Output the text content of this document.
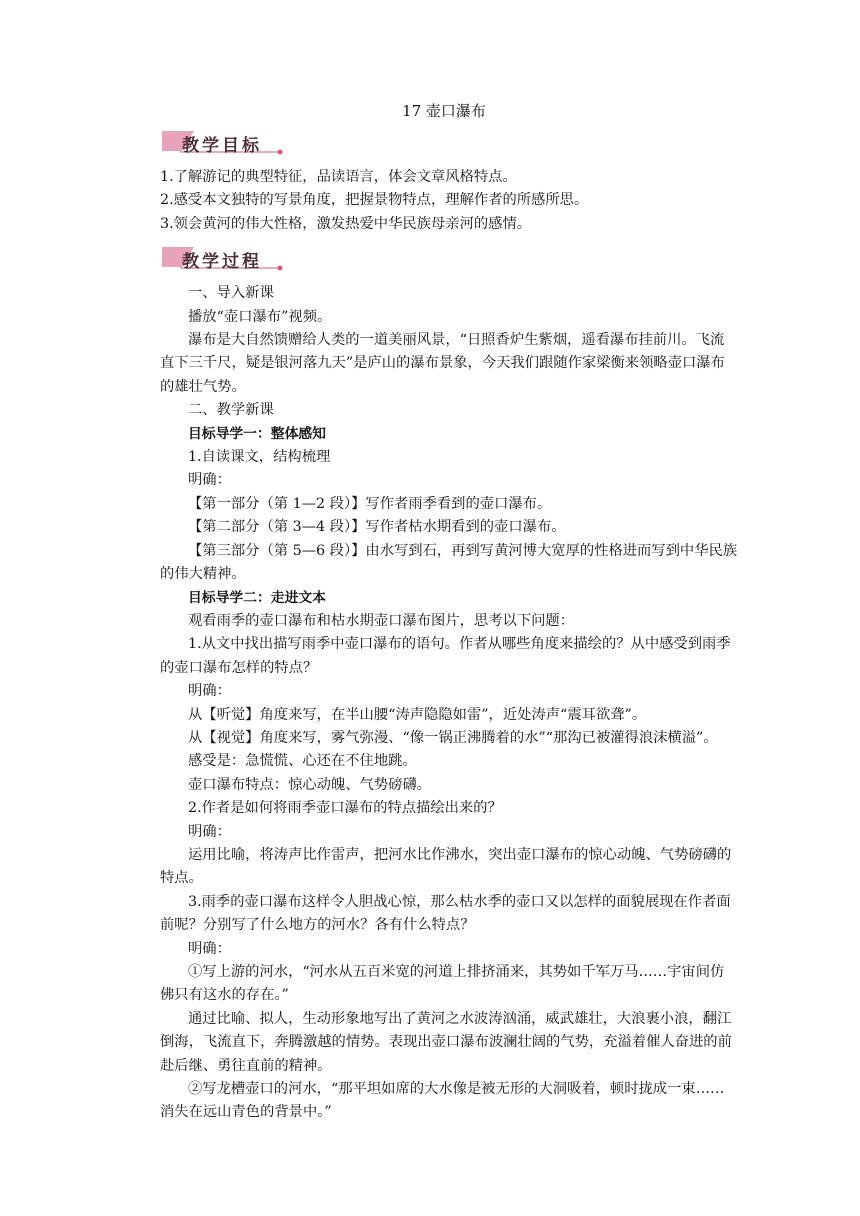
17 壶口瀑布
教学目标
1.了解游记的典型特征，品读语言，体会文章风格特点。
2.感受本文独特的写景角度，把握景物特点，理解作者的所感所思。
3.领会黄河的伟大性格，激发热爱中华民族母亲河的感情。
教学过程
一、导入新课
播放“壶口瀑布”视频。
瀑布是大自然馈赠给人类的一道美丽风景，“日照香炉生紫烟，遥看瀑布挂前川。飞流
直下三千尺，疑是银河落九天”是庐山的瀑布景象，今天我们跟随作家梁衡来领略壶口瀑布
的雄壮气势。
二、教学新课
目标导学一：整体感知
1.自读课文，结构梳理
明确：
【第一部分（第 1—2 段）】写作者雨季看到的壶口瀑布。
【第二部分（第 3—4 段）】写作者枯水期看到的壶口瀑布。
【第三部分（第 5—6 段）】由水写到石，再到写黄河博大宽厚的性格进而写到中华民族
的伟大精神。
目标导学二：走进文本
观看雨季的壶口瀑布和枯水期壶口瀑布图片，思考以下问题：
1.从文中找出描写雨季中壶口瀑布的语句。作者从哪些角度来描绘的？从中感受到雨季
的壶口瀑布怎样的特点？
明确：
从【听觉】角度来写，在半山腰“涛声隐隐如雷”，近处涛声“震耳欲聋”。
从【视觉】角度来写，雾气弥漫、“像一锅正沸腾着的水”“那沟已被灌得浪沫横溢”。
感受是：急慌慌、心还在不住地跳。
壶口瀑布特点：惊心动魄、气势磅礴。
2.作者是如何将雨季壶口瀑布的特点描绘出来的？
明确：
运用比喻，将涛声比作雷声，把河水比作沸水，突出壶口瀑布的惊心动魄、气势磅礴的
特点。
3.雨季的壶口瀑布这样令人胆战心惊，那么枯水季的壶口又以怎样的面貌展现在作者面
前呢？分别写了什么地方的河水？各有什么特点？
明确：
①写上游的河水，“河水从五百米宽的河道上排挤涌来，其势如千军万马……宇宙间仿
佛只有这水的存在。”
通过比喻、拟人，生动形象地写出了黄河之水波涛汹涌，威武雄壮，大浪裹小浪，翻江
倒海，飞流直下，奔腾激越的情势。表现出壶口瀑布波澜壮阔的气势，充溢着催人奋进的前
赴后继、勇往直前的精神。
②写龙槽壶口的河水，“那平坦如席的大水像是被无形的大洞吸着，顿时拢成一束……
消失在远山青色的背景中。”
